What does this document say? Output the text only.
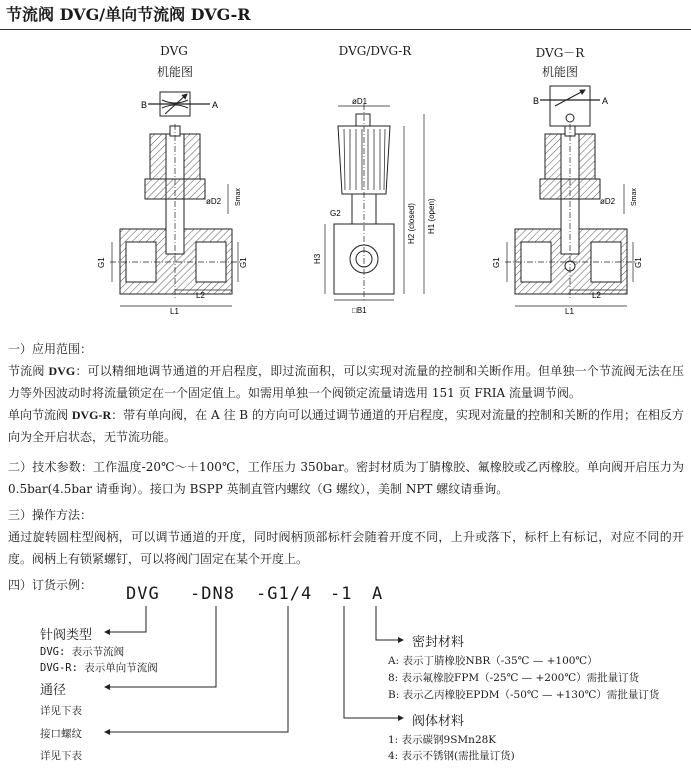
节流阀 DVG/单向节流阀 DVG-R
DVG
机能图
DVG/DVG-R	DVG－R
机能图
B	A
G1	G1
L2
L1
øD2 Smax
øD1
G2
H3
H2 (closed) H1 (open)
□B1
B	A
G1	G1
L2
L1
øD2 Smax
一）应用范围：
节流阀 DVG：可以精细地调节通道的开启程度，即过流面积，可以实现对流量的控制和关断作用。但单独一个节流阀无法在压力等外因波动时将流量锁定在一个固定值上。如需用单独一个阀锁定流量请选用 151 页 FRIA 流量调节阀。
单向节流阀 DVG-R：带有单向阀，在 A 往 B 的方向可以通过调节通道的开启程度，实现对流量的控制和关断的作用；在相反方向为全开启状态，无节流功能。
二）技术参数：工作温度-20℃～＋100℃，工作压力 350bar。密封材质为丁腈橡胶、氟橡胶或乙丙橡胶。单向阀开启压力为 0.5bar(4.5bar 请垂询）。接口为 BSPP 英制直管内螺纹（G 螺纹），美制 NPT 螺纹请垂询。
三）操作方法：
通过旋转圆柱型阀柄，可以调节通道的开度，同时阀柄顶部标杆会随着开度不同，上升或落下，标杆上有标记，对应不同的开度。阀柄上有锁紧螺钉，可以将阀门固定在某个开度上。
四）订货示例：	DVG -DN8 -G1/4 -1 A
针阀类型
DVG: 表示节流阀
DVG-R: 表示单向节流阀
通径
详见下表
接口螺纹
详见下表
密封材料
A: 表示丁腈橡胶NBR（-35℃ — +100℃）
8: 表示氟橡胶FPM（-25℃ — +200℃）需批量订货
B: 表示乙丙橡胶EPDM（-50℃ — +130℃）需批量订货
阀体材料
1: 表示碳钢9SMn28K
4: 表示不锈钢(需批量订货)
